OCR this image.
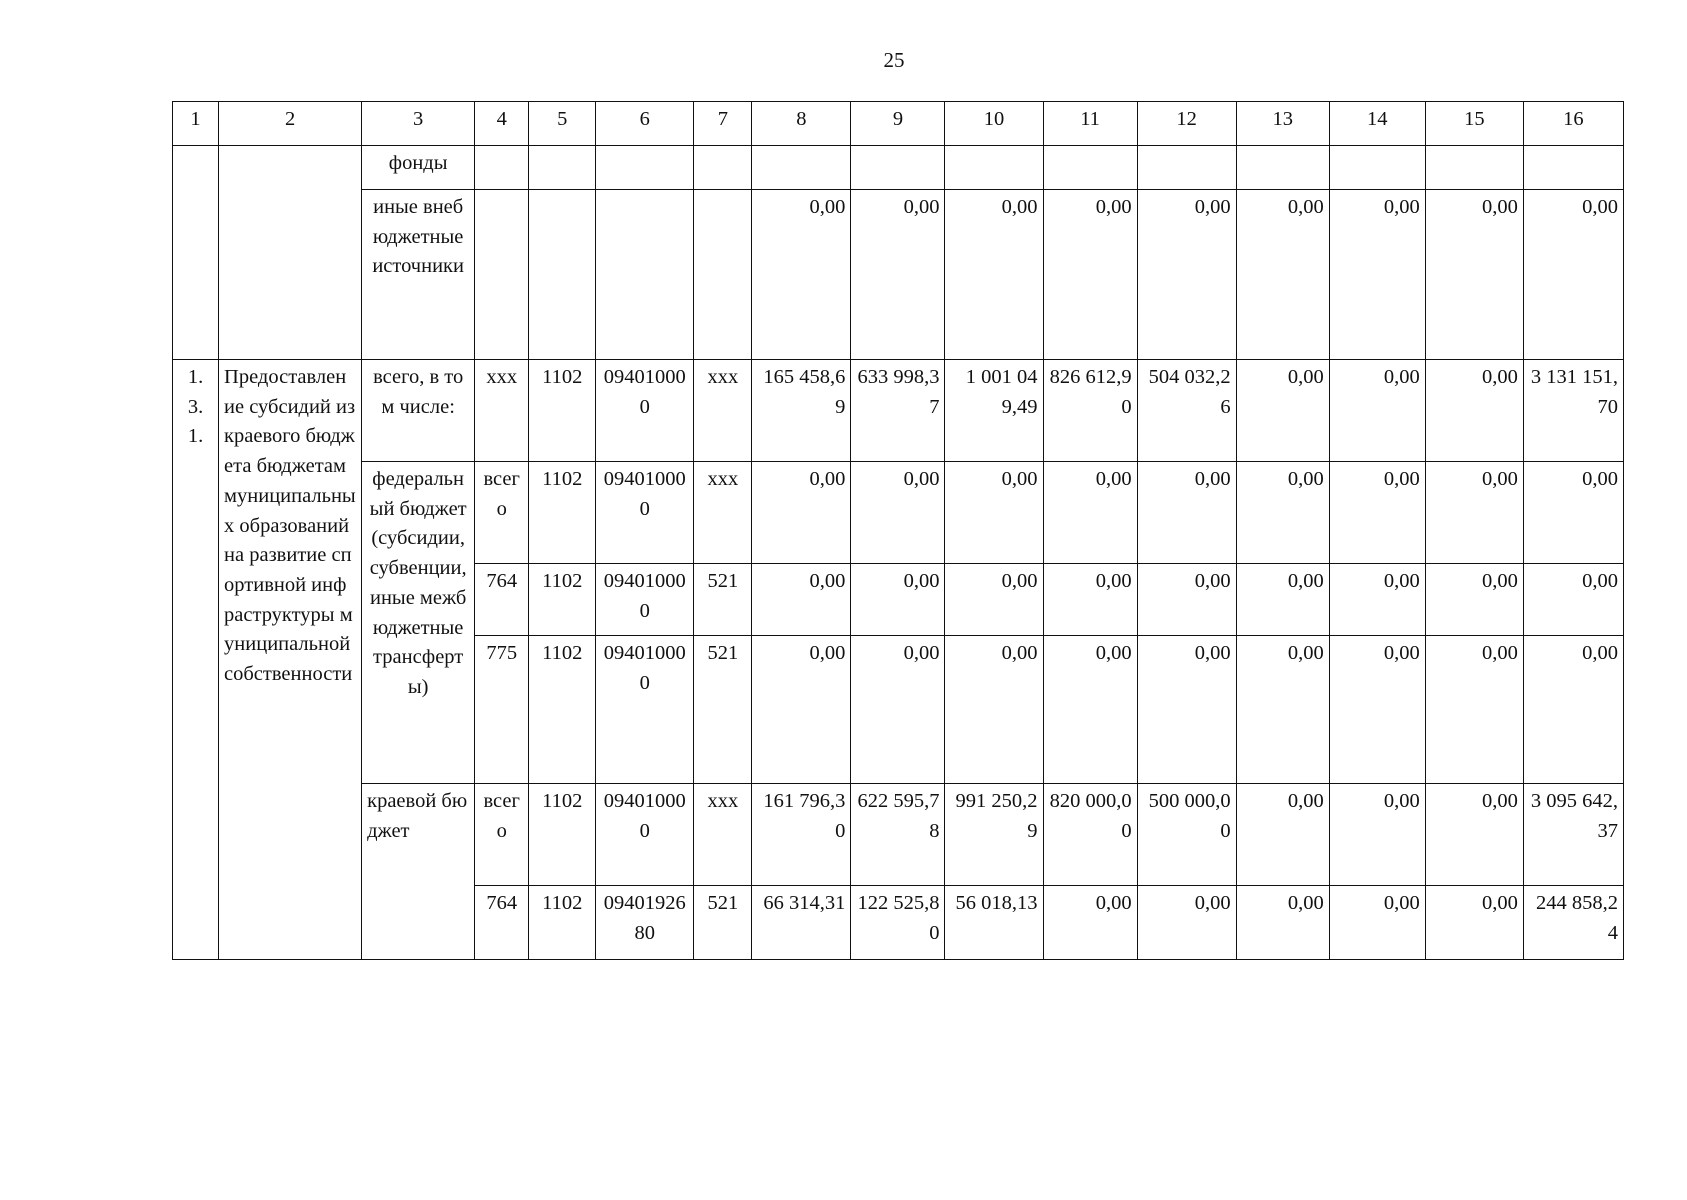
25
1	2	3	4	5	6	7	8	9	10	11	12	13	14	15	16
		фонды													
		иные внебюджетные источники					0,00	0,00	0,00	0,00	0,00	0,00	0,00	0,00	0,00
1. 3. 1.	Предоставление субсидий из краевого бюджета бюджетам муниципальных образований на развитие спортивной инфраструктуры муниципальной собственности	всего, в том числе:	ххх	1102	094010000	ххх	165 458,69	633 998,37	1 001 049,49	826 612,90	504 032,26	0,00	0,00	0,00	3 131 151,70
		федеральный бюджет (субсидии, субвенции, иные межбюджетные трансферты)	всего	1102	094010000	ххх	0,00	0,00	0,00	0,00	0,00	0,00	0,00	0,00	0,00
			764	1102	094010000	521	0,00	0,00	0,00	0,00	0,00	0,00	0,00	0,00	0,00
			775	1102	094010000	521	0,00	0,00	0,00	0,00	0,00	0,00	0,00	0,00	0,00
		краевой бюджет	всего	1102	094010000	ххх	161 796,30	622 595,78	991 250,29	820 000,00	500 000,00	0,00	0,00	0,00	3 095 642,37
			764	1102	0940192680	521	66 314,31	122 525,80	56 018,13	0,00	0,00	0,00	0,00	0,00	244 858,24
